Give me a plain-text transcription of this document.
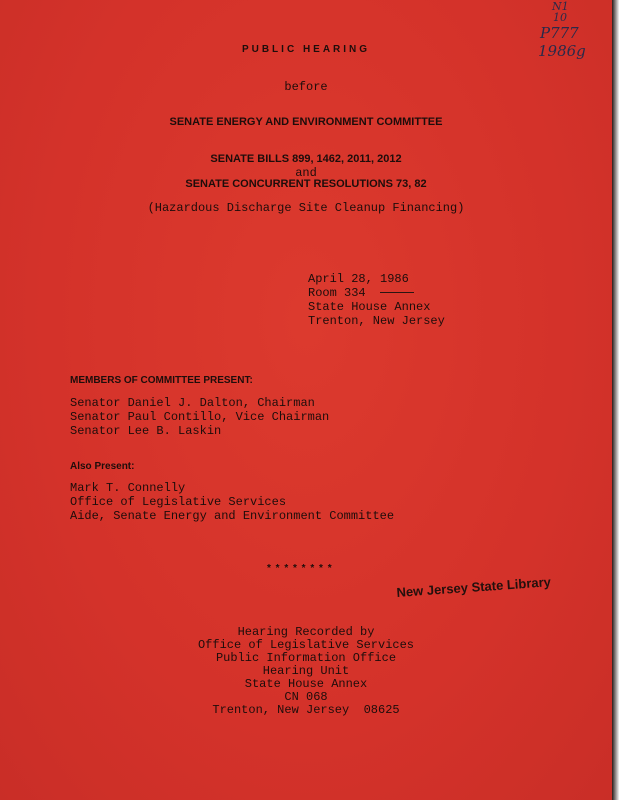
N1
10
P777
1986g
PUBLIC HEARING
before
SENATE ENERGY AND ENVIRONMENT COMMITTEE
SENATE BILLS 899, 1462, 2011, 2012
and
SENATE CONCURRENT RESOLUTIONS 73, 82
(Hazardous Discharge Site Cleanup Financing)
April 28, 1986
Room 334
State House Annex
Trenton, New Jersey
MEMBERS OF COMMITTEE PRESENT:
Senator Daniel J. Dalton, Chairman
Senator Paul Contillo, Vice Chairman
Senator Lee B. Laskin
Also Present:
Mark T. Connelly
Office of Legislative Services
Aide, Senate Energy and Environment Committee
* * * * * * * *
New Jersey State Library
Hearing Recorded by
Office of Legislative Services
Public Information Office
Hearing Unit
State House Annex
CN 068
Trenton, New Jersey  08625
